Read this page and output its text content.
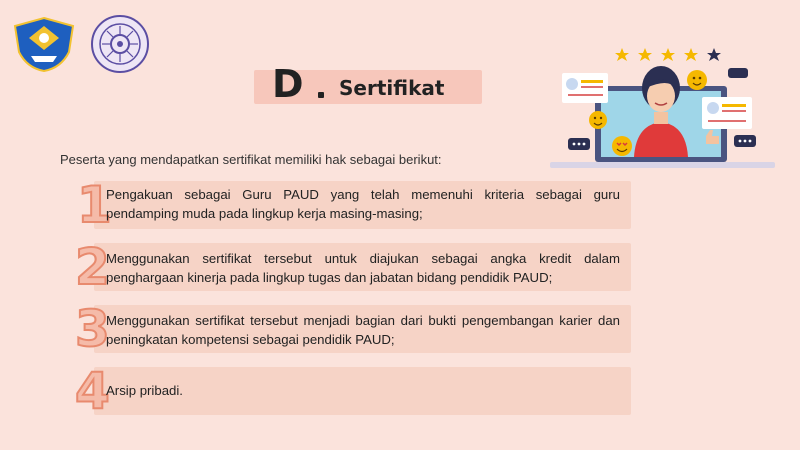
D Sertifikat
Peserta yang mendapatkan sertifikat memiliki hak sebagai berikut:
1
Pengakuan sebagai Guru PAUD yang telah memenuhi kriteria sebagai guru pendamping muda pada lingkup kerja masing-masing;
2
Menggunakan sertifikat tersebut untuk diajukan sebagai angka kredit dalam penghargaan kinerja pada lingkup tugas dan jabatan bidang pendidik PAUD;
3
Menggunakan sertifikat tersebut menjadi bagian dari bukti pengembangan karier dan peningkatan kompetensi sebagai pendidik PAUD;
4
Arsip pribadi.
